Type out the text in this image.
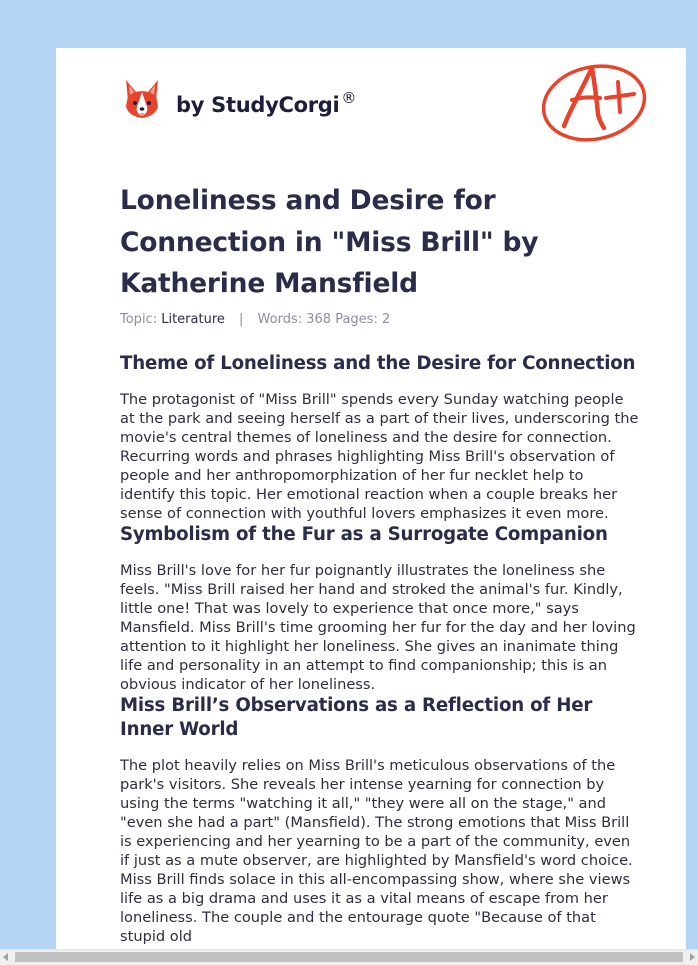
by StudyCorgi ®
A+
Loneliness and Desire for Connection in "Miss Brill" by Katherine Mansfield
Topic: Literature | Words: 368 Pages: 2
Theme of Loneliness and the Desire for Connection

The protagonist of "Miss Brill" spends every Sunday watching people at the park and seeing herself as a part of their lives, underscoring the movie's central themes of loneliness and the desire for connection. Recurring words and phrases highlighting Miss Brill's observation of people and her anthropomorphization of her fur necklet help to identify this topic. Her emotional reaction when a couple breaks her sense of connection with youthful lovers emphasizes it even more.

Symbolism of the Fur as a Surrogate Companion

Miss Brill's love for her fur poignantly illustrates the loneliness she feels. "Miss Brill raised her hand and stroked the animal's fur. Kindly, little one! That was lovely to experience that once more," says Mansfield. Miss Brill's time grooming her fur for the day and her loving attention to it highlight her loneliness. She gives an inanimate thing life and personality in an attempt to find companionship; this is an obvious indicator of her loneliness.

Miss Brill’s Observations as a Reflection of Her Inner World

The plot heavily relies on Miss Brill's meticulous observations of the park's visitors. She reveals her intense yearning for connection by using the terms "watching it all," "they were all on the stage," and "even she had a part" (Mansfield). The strong emotions that Miss Brill is experiencing and her yearning to be a part of the community, even if just as a mute observer, are highlighted by Mansfield's word choice. Miss Brill finds solace in this all-encompassing show, where she views life as a big drama and uses it as a vital means of escape from her loneliness. The couple and the entourage quote "Because of that stupid old
